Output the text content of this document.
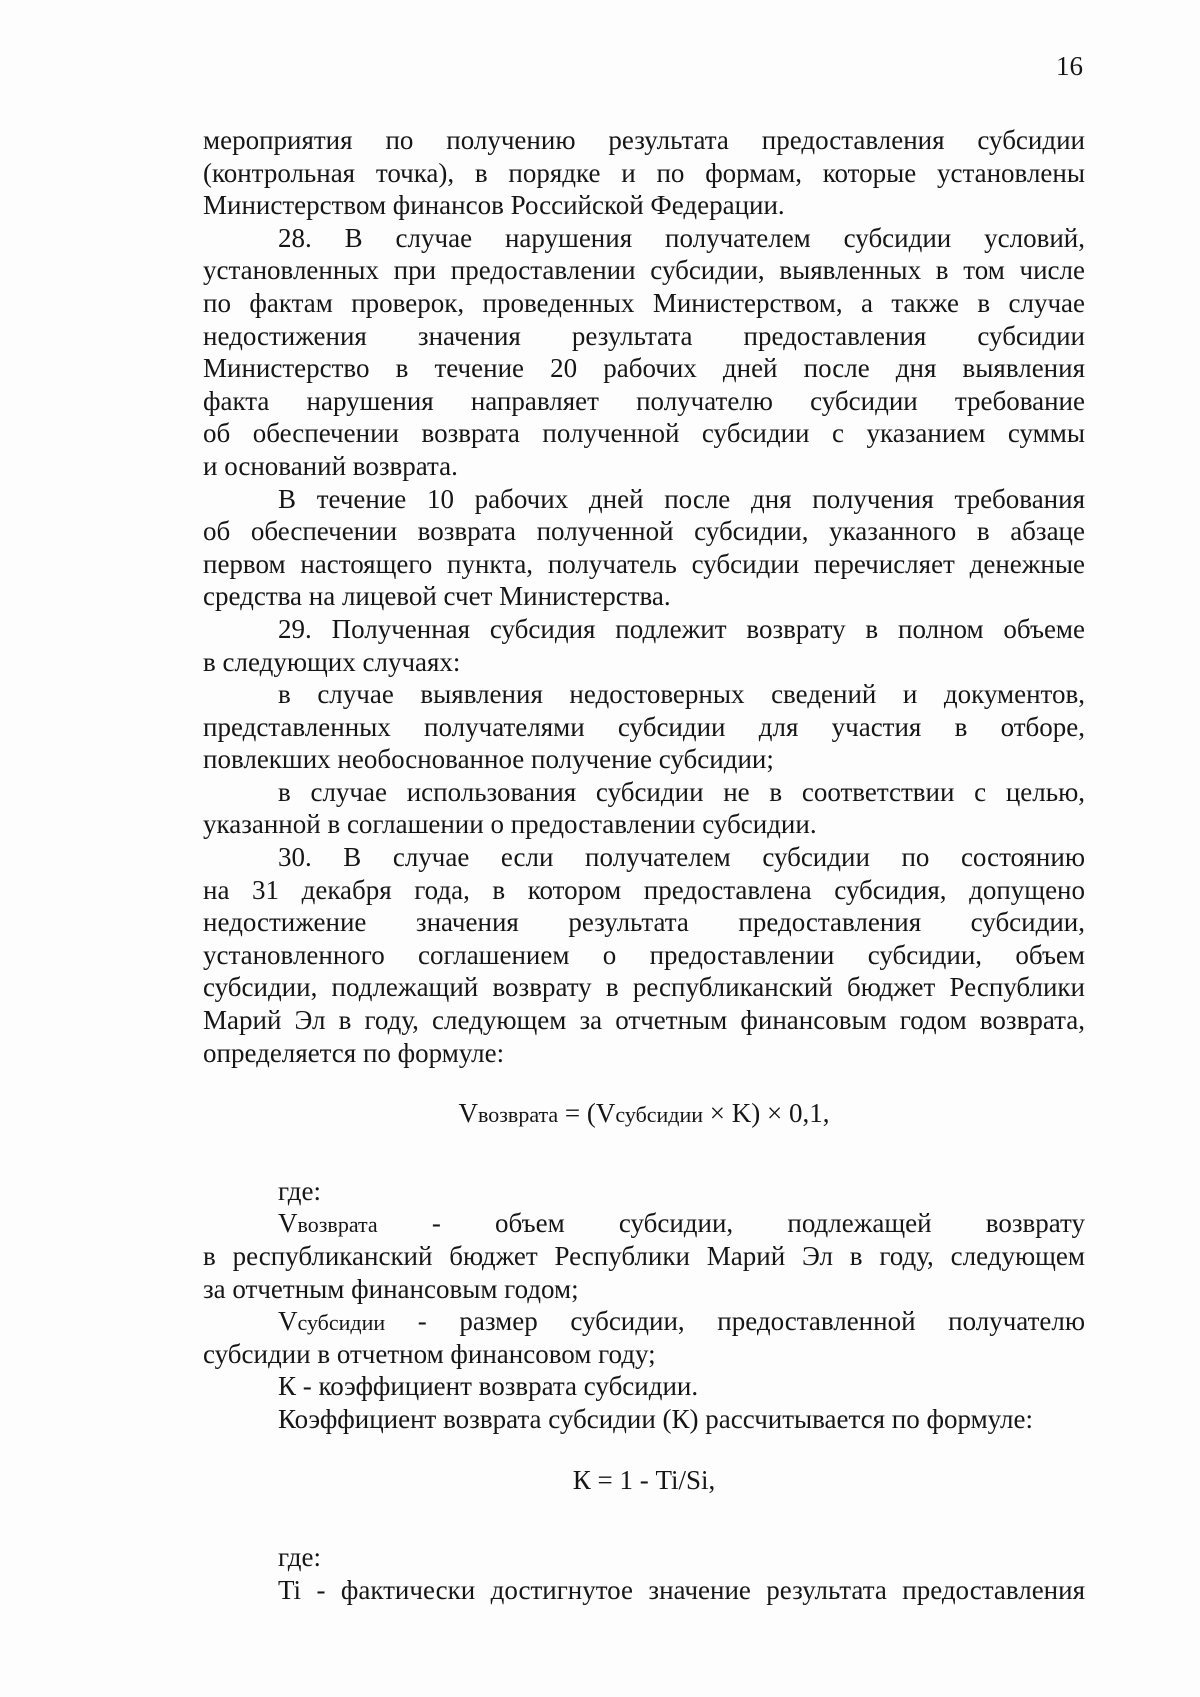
16
мероприятия по получению результата предоставления субсидии
(контрольная точка), в порядке и по формам, которые установлены
Министерством финансов Российской Федерации.
28. В случае нарушения получателем субсидии условий,
установленных при предоставлении субсидии, выявленных в том числе
по фактам проверок, проведенных Министерством, а также в случае
недостижения значения результата предоставления субсидии
Министерство в течение 20 рабочих дней после дня выявления
факта нарушения направляет получателю субсидии требование
об обеспечении возврата полученной субсидии с указанием суммы
и оснований возврата.
В течение 10 рабочих дней после дня получения требования
об обеспечении возврата полученной субсидии, указанного в абзаце
первом настоящего пункта, получатель субсидии перечисляет денежные
средства на лицевой счет Министерства.
29. Полученная субсидия подлежит возврату в полном объеме
в следующих случаях:
в случае выявления недостоверных сведений и документов,
представленных получателями субсидии для участия в отборе,
повлекших необоснованное получение субсидии;
в случае использования субсидии не в соответствии с целью,
указанной в соглашении о предоставлении субсидии.
30. В случае если получателем субсидии по состоянию
на 31 декабря года, в котором предоставлена субсидия, допущено
недостижение значения результата предоставления субсидии,
установленного соглашением о предоставлении субсидии, объем
субсидии, подлежащий возврату в республиканский бюджет Республики
Марий Эл в году, следующем за отчетным финансовым годом возврата,
определяется по формуле:
Vвозврата = (Vсубсидии × K) × 0,1,
где:
Vвозврата - объем субсидии, подлежащей возврату
в республиканский бюджет Республики Марий Эл в году, следующем
за отчетным финансовым годом;
Vсубсидии - размер субсидии, предоставленной получателю
субсидии в отчетном финансовом году;
К - коэффициент возврата субсидии.
Коэффициент возврата субсидии (К) рассчитывается по формуле:
К = 1 - Ti/Si,
где:
Ti - фактически достигнутое значение результата предоставления
